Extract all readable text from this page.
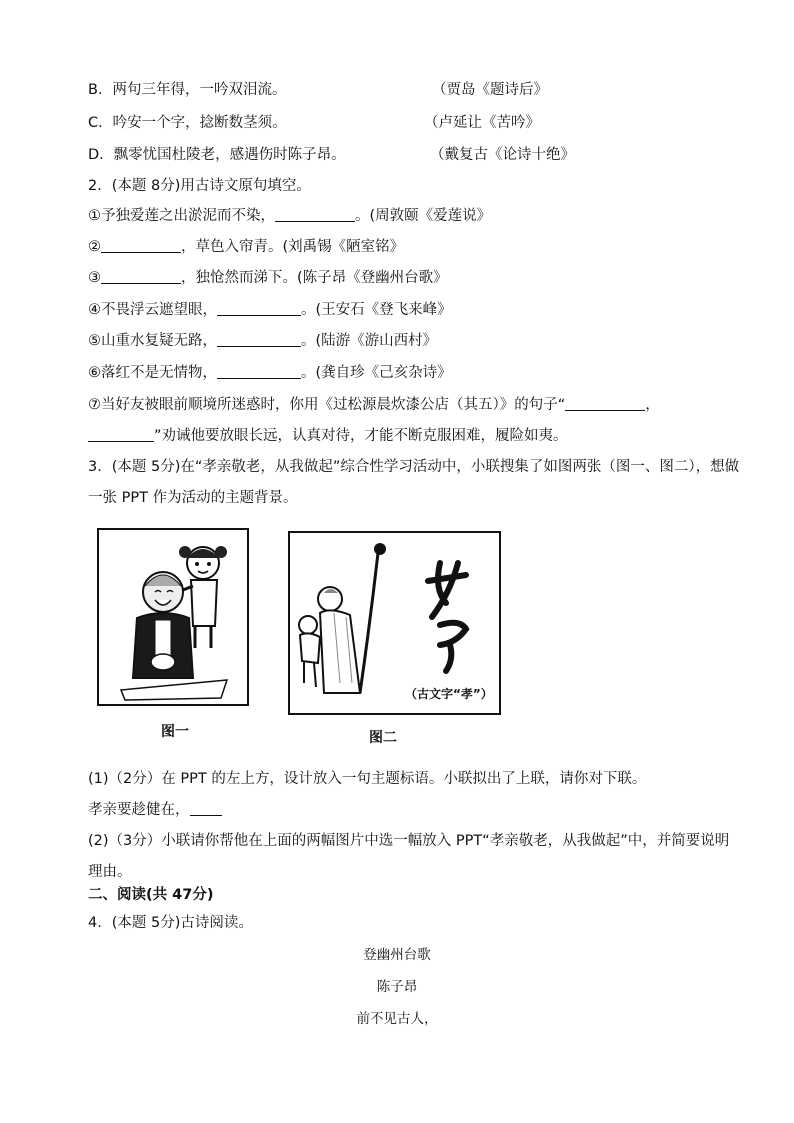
B．两句三年得，一吟双泪流。	（贾岛《题诗后》
C．吟安一个字，捻断数茎须。	（卢延让《苦吟》
D．飘零忧国杜陵老，感遇伤时陈子昂。	（戴复古《论诗十绝》
2．(本题 8分)用古诗文原句填空。
①予独爱莲之出淤泥而不染，	。(周敦颐《爱莲说》
②	，草色入帘青。(刘禹锡《陋室铭》
③	，独怆然而涕下。(陈子昂《登幽州台歌》
④不畏浮云遮望眼，	。(王安石《登飞来峰》
⑤山重水复疑无路，	。(陆游《游山西村》
⑥落红不是无情物，	。(龚自珍《己亥杂诗》
⑦当好友被眼前顺境所迷惑时，你用《过松源晨炊漆公店（其五）》的句子“	，
”劝诫他要放眼长远，认真对待，才能不断克服困难，履险如夷。
3．(本题 5分)在“孝亲敬老，从我做起”综合性学习活动中，小联搜集了如图两张（图一、图二），想做
一张 PPT 作为活动的主题背景。
图一
（古文字“孝”）
图二
(1)（2分）在 PPT 的左上方，设计放入一句主题标语。小联拟出了上联，请你对下联。
孝亲要趁健在，
(2)（3分）小联请你帮他在上面的两幅图片中选一幅放入 PPT“孝亲敬老，从我做起”中，并简要说明
理由。
二、阅读(共 47分)
4．(本题 5分)古诗阅读。
登幽州台歌
陈子昂
前不见古人，
